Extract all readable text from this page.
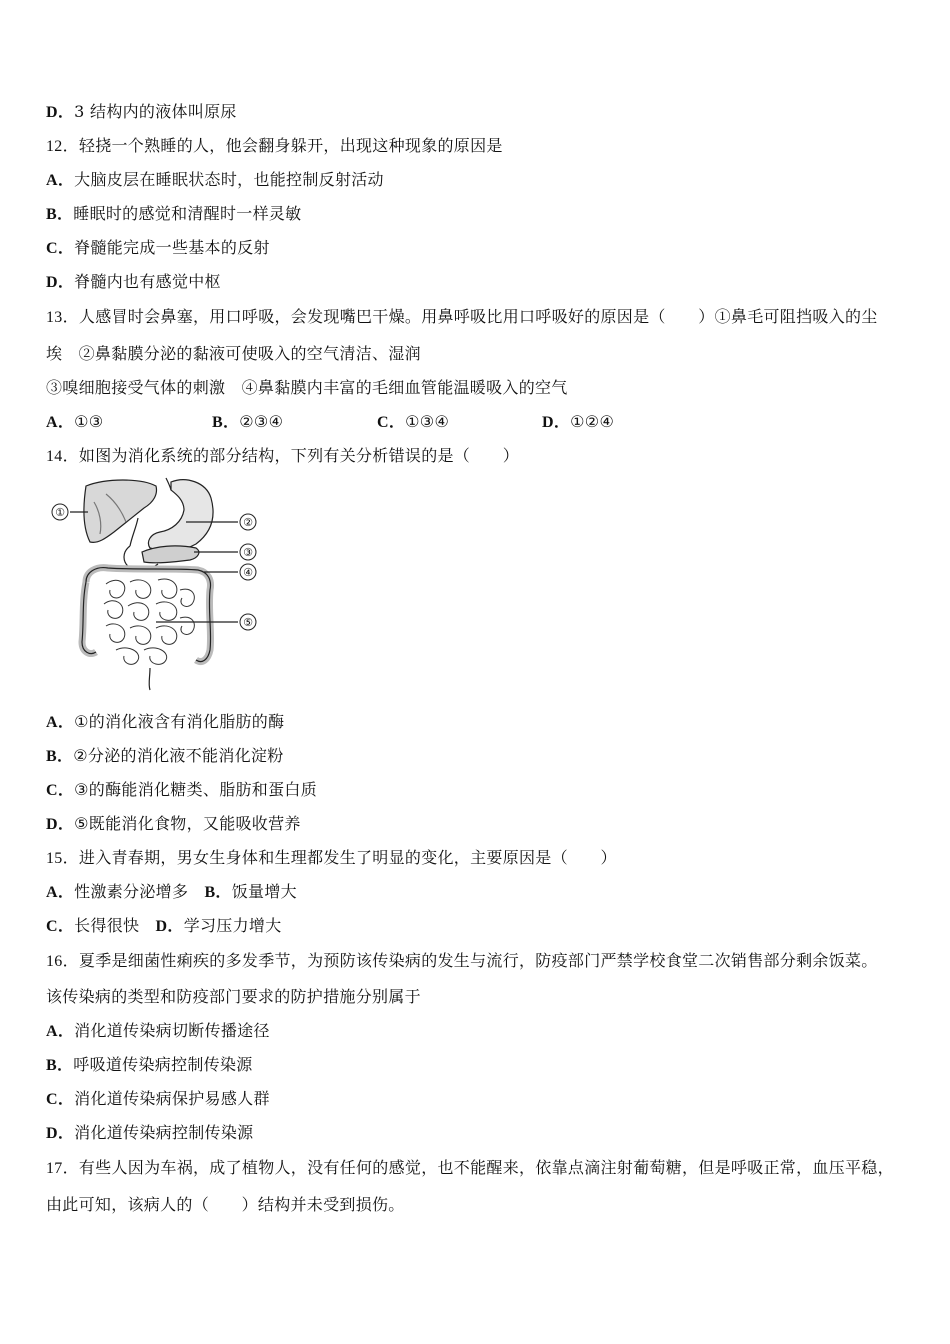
D．3 结构内的液体叫原尿
12．轻挠一个熟睡的人，他会翻身躲开，出现这种现象的原因是
A．大脑皮层在睡眠状态时，也能控制反射活动
B．睡眠时的感觉和清醒时一样灵敏
C．脊髓能完成一些基本的反射
D．脊髓内也有感觉中枢
13．人感冒时会鼻塞，用口呼吸，会发现嘴巴干燥。用鼻呼吸比用口呼吸好的原因是（　　）①鼻毛可阻挡吸入的尘
埃　②鼻黏膜分泌的黏液可使吸入的空气清洁、湿润
③嗅细胞接受气体的刺激　④鼻黏膜内丰富的毛细血管能温暖吸入的空气
A．①③	B．②③④	C．①③④	D．①②④
14．如图为消化系统的部分结构，下列有关分析错误的是（　　）
①
②
③
④
⑤
A．①的消化液含有消化脂肪的酶
B．②分泌的消化液不能消化淀粉
C．③的酶能消化糖类、脂肪和蛋白质
D．⑤既能消化食物，又能吸收营养
15．进入青春期，男女生身体和生理都发生了明显的变化，主要原因是（　　）
A．性激素分泌增多 B．饭量增大
C．长得很快 D．学习压力增大
16．夏季是细菌性痢疾的多发季节，为预防该传染病的发生与流行，防疫部门严禁学校食堂二次销售部分剩余饭菜。
该传染病的类型和防疫部门要求的防护措施分别属于
A．消化道传染病切断传播途径
B．呼吸道传染病控制传染源
C．消化道传染病保护易感人群
D．消化道传染病控制传染源
17．有些人因为车祸，成了植物人，没有任何的感觉，也不能醒来，依靠点滴注射葡萄糖，但是呼吸正常，血压平稳，
由此可知，该病人的（　　）结构并未受到损伤。
